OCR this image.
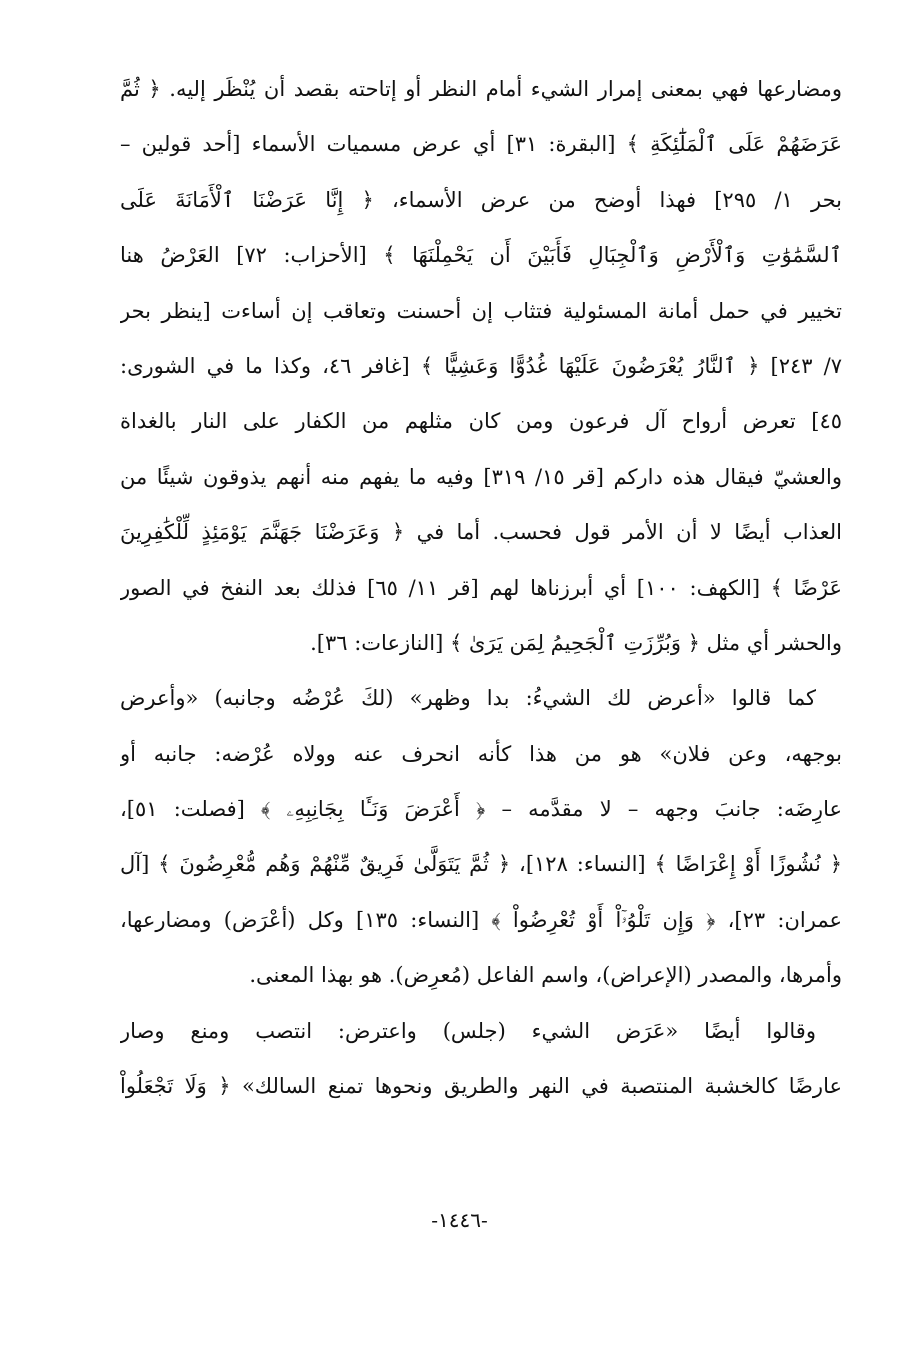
ومضارعها فهي بمعنى إمرار الشيء أمام النظر أو إتاحته بقصد أن يُنْظَر إليه. ﴿ ثُمَّ
عَرَضَهُمْ عَلَى ٱلْمَلَٰٓئِكَةِ ﴾ [البقرة: ٣١] أي عرض مسميات الأسماء [أحد قولين –
بحر ١/ ٢٩٥] فهذا أوضح من عرض الأسماء، ﴿ إِنَّا عَرَضْنَا ٱلْأَمَانَةَ عَلَى
ٱلسَّمَٰوَٰتِ وَٱلْأَرْضِ وَٱلْجِبَالِ فَأَبَيْنَ أَن يَحْمِلْنَهَا ﴾ [الأحزاب: ٧٢] العَرْضُ هنا
تخيير في حمل أمانة المسئولية فتثاب إن أحسنت وتعاقب إن أساءت [ينظر بحر
٧/ ٢٤٣] ﴿ ٱلنَّارُ يُعْرَضُونَ عَلَيْهَا غُدُوًّا وَعَشِيًّا ﴾ [غافر ٤٦، وكذا ما في الشورى:
٤٥] تعرض أرواح آل فرعون ومن كان مثلهم من الكفار على النار بالغداة
والعشيّ فيقال هذه داركم [قر ١٥/ ٣١٩] وفيه ما يفهم منه أنهم يذوقون شيئًا من
العذاب أيضًا لا أن الأمر قول فحسب. أما في ﴿ وَعَرَضْنَا جَهَنَّمَ يَوْمَئِذٍ لِّلْكَٰفِرِينَ
عَرْضًا ﴾ [الكهف: ١٠٠] أي أبرزناها لهم [قر ١١/ ٦٥] فذلك بعد النفخ في الصور
والحشر أي مثل ﴿ وَبُرِّزَتِ ٱلْجَحِيمُ لِمَن يَرَىٰ ﴾ [النازعات: ٣٦].
كما قالوا «أعرض لك الشيءُ: بدا وظهر» (لكَ عُرْضُه وجانبه) «وأعرض
بوجهه، وعن فلان» هو من هذا كأنه انحرف عنه وولاه عُرْضه: جانبه أو
عارِضَه: جانبَ وجهه – لا مقدَّمه – ﴿ أَعْرَضَ وَنَـَٔا بِجَانِبِهِۦ ﴾ [فصلت: ٥١]،
﴿ نُشُوزًا أَوْ إِعْرَاضًا ﴾ [النساء: ١٢٨]، ﴿ ثُمَّ يَتَوَلَّىٰ فَرِيقٌ مِّنْهُمْ وَهُم مُّعْرِضُونَ ﴾ [آل
عمران: ٢٣]، ﴿ وَإِن تَلْوُۥٓاْ أَوْ تُعْرِضُواْ ﴾ [النساء: ١٣٥] وكل (أعْرَض) ومضارعها،
وأمرها، والمصدر (الإعراض)، واسم الفاعل (مُعرِض). هو بهذا المعنى.
وقالوا أيضًا «عَرَض الشيء (جلس) واعترض: انتصب ومنع وصار
عارضًا كالخشبة المنتصبة في النهر والطريق ونحوها تمنع السالك» ﴿ وَلَا تَجْعَلُواْ
-١٤٤٦-
